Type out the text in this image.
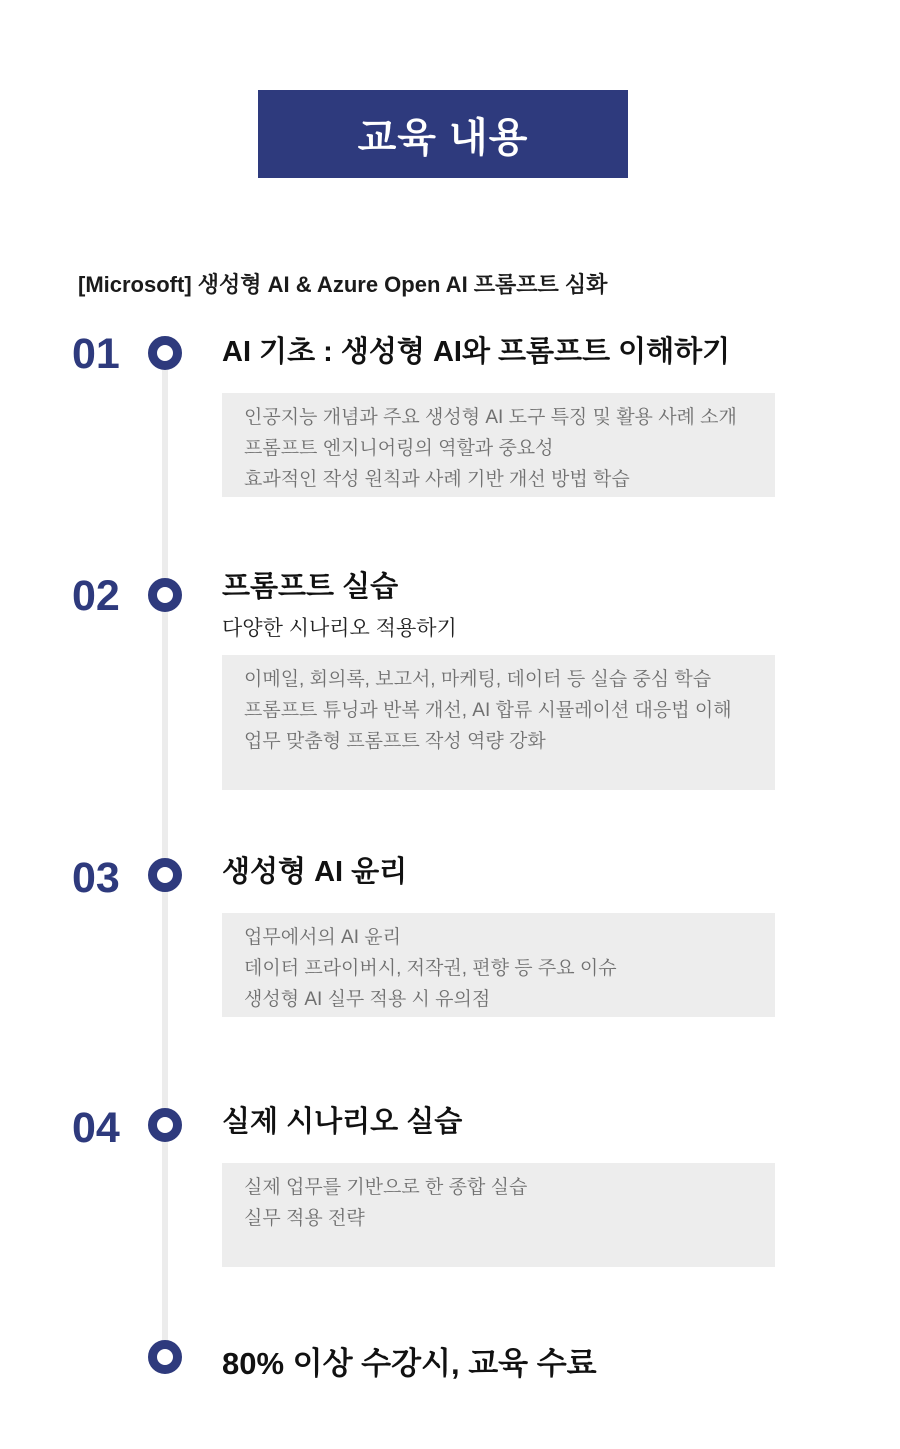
교육 내용
[Microsoft] 생성형 AI & Azure Open AI 프롬프트 심화
01	AI 기초 : 생성형 AI와 프롬프트 이해하기

인공지능 개념과 주요 생성형 AI 도구 특징 및 활용 사례 소개

프롬프트 엔지니어링의 역할과 중요성

효과적인 작성 원칙과 사례 기반 개선 방법 학습

02	프롬프트 실습

다양한 시나리오 적용하기

이메일, 회의록, 보고서, 마케팅, 데이터 등 실습 중심 학습

프롬프트 튜닝과 반복 개선, AI 합류 시뮬레이션 대응법 이해

업무 맞춤형 프롬프트 작성 역량 강화

03	생성형 AI 윤리

업무에서의 AI 윤리

데이터 프라이버시, 저작권, 편향 등 주요 이슈

생성형 AI 실무 적용 시 유의점

04	실제 시나리오 실습

실제 업무를 기반으로 한 종합 실습

실무 적용 전략

80% 이상 수강시, 교육 수료
